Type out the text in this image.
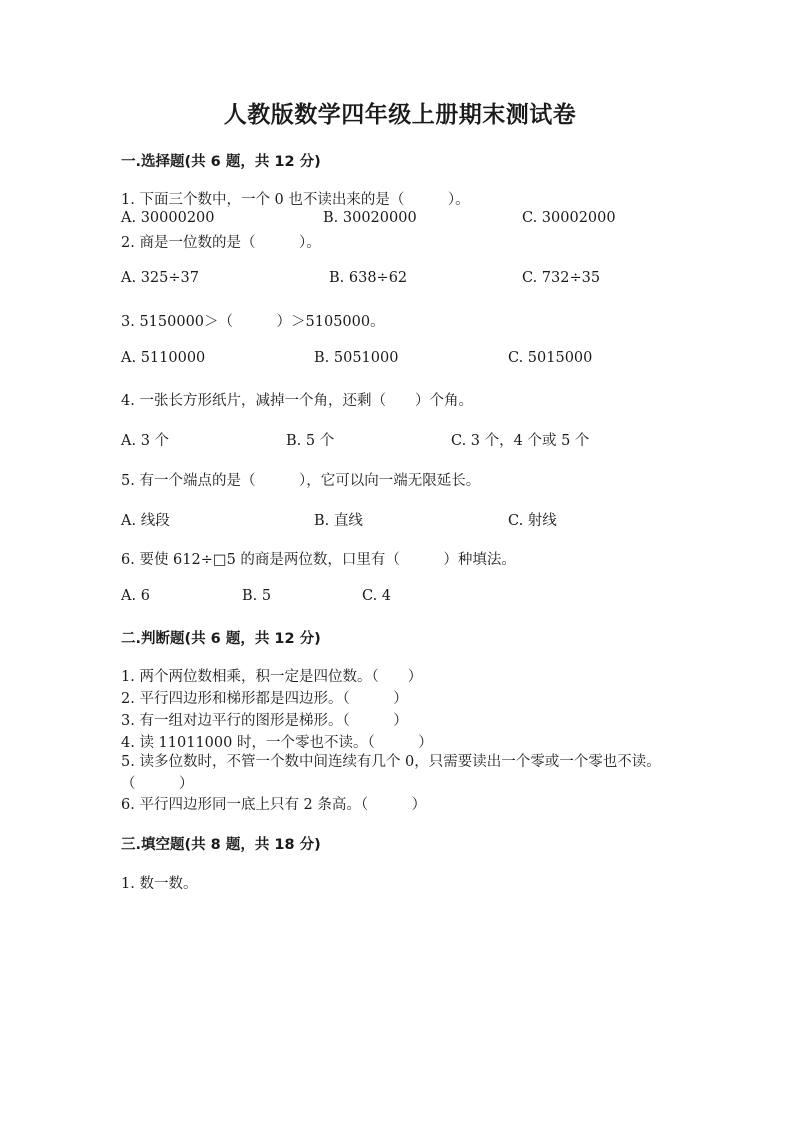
人教版数学四年级上册期末测试卷
一.选择题(共 6 题，共 12 分)
1. 下面三个数中，一个 0 也不读出来的是（　　　）。
A. 30000200	B. 30020000	C. 30002000
2. 商是一位数的是（　　　）。
A. 325÷37	B. 638÷62	C. 732÷35
3. 5150000＞（　　　）＞5105000。
A. 5110000	B. 5051000	C. 5015000
4. 一张长方形纸片，减掉一个角，还剩（　　）个角。
A. 3 个	B. 5 个	C. 3 个，4 个或 5 个
5. 有一个端点的是（　　　），它可以向一端无限延长。
A. 线段	B. 直线	C. 射线
6. 要使 612÷□5 的商是两位数，口里有（　　　）种填法。
A. 6	B. 5	C. 4
二.判断题(共 6 题，共 12 分)
1. 两个两位数相乘，积一定是四位数。（　　）
2. 平行四边形和梯形都是四边形。（　　　）
3. 有一组对边平行的图形是梯形。（　　　）
4. 读 11011000 时，一个零也不读。（　　　）
5. 读多位数时，不管一个数中间连续有几个 0，只需要读出一个零或一个零也不读。（　　　）
6. 平行四边形同一底上只有 2 条高。（　　　）
三.填空题(共 8 题，共 18 分)
1. 数一数。
